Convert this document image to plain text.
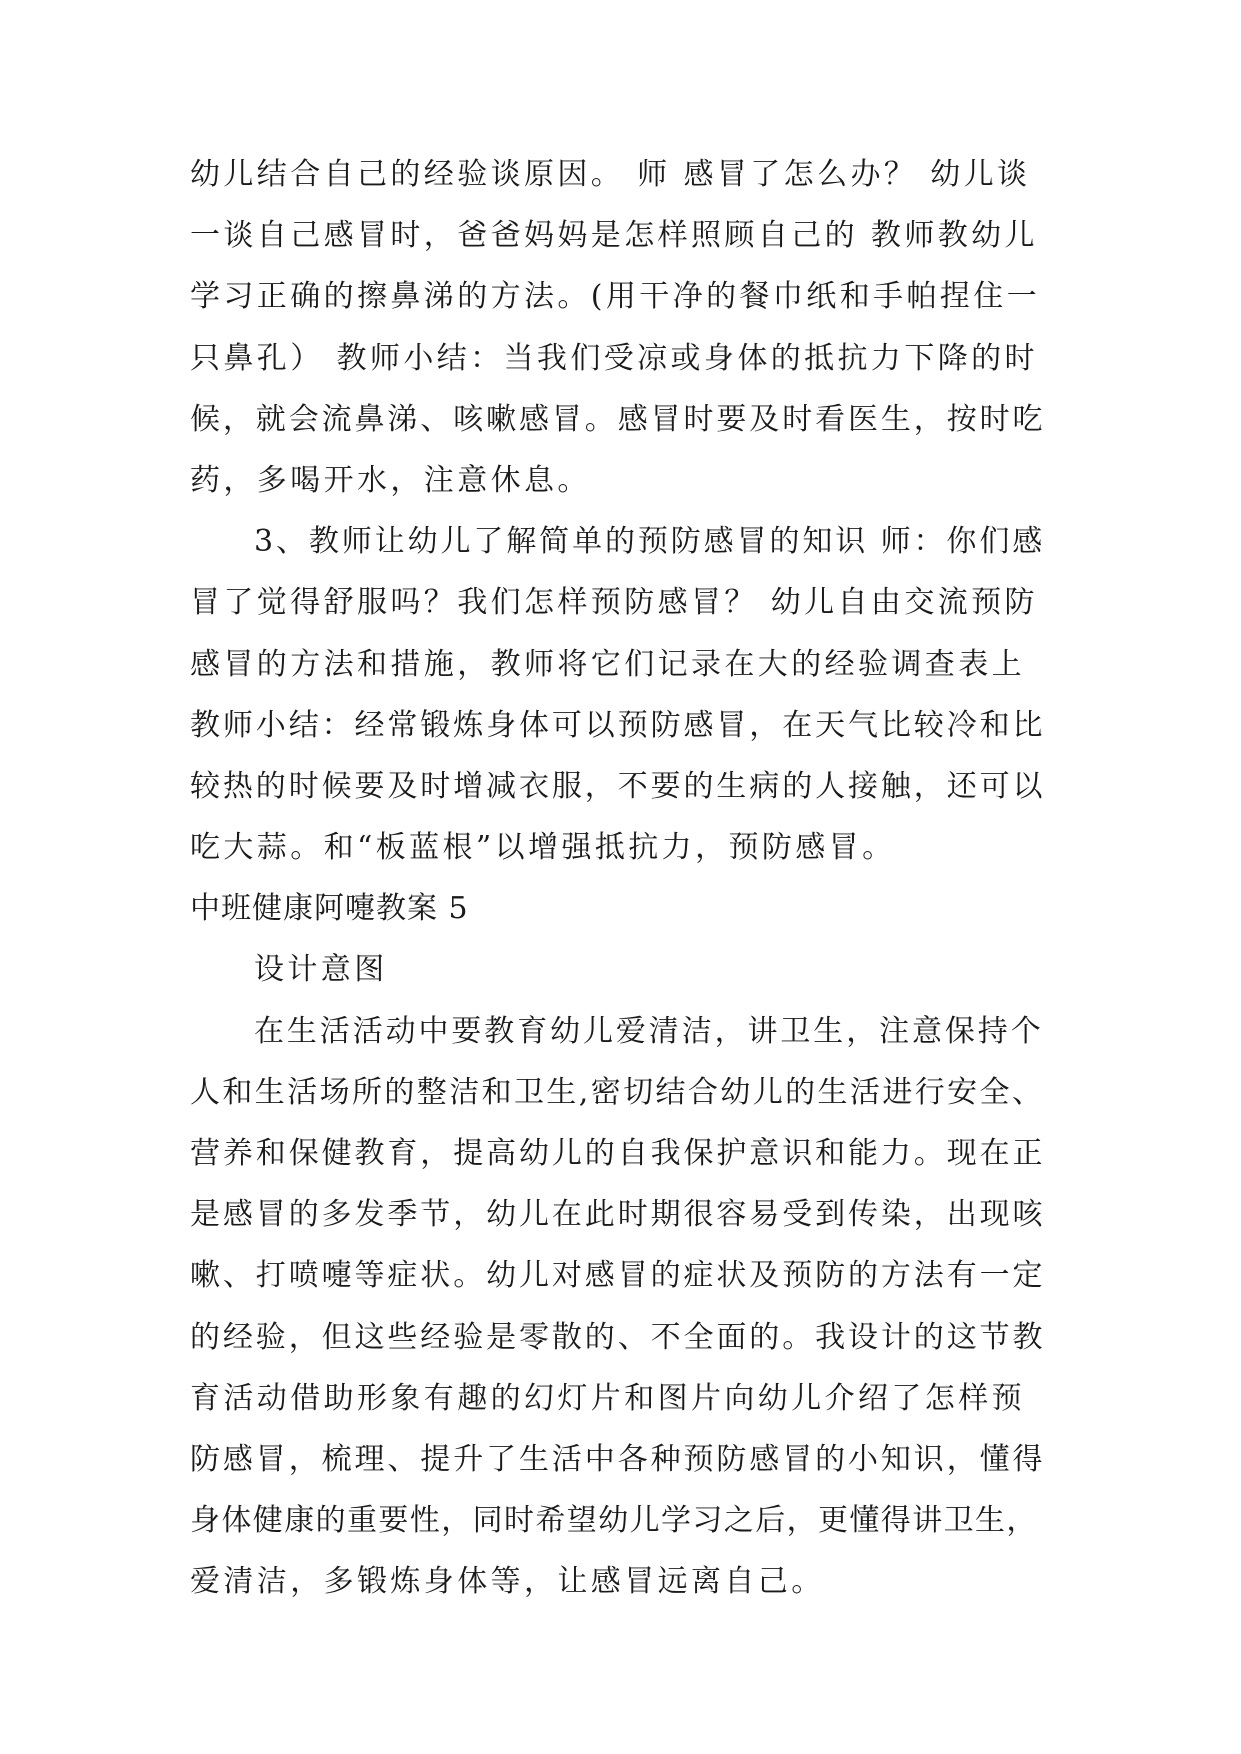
幼儿结合自己的经验谈原因。 师 感冒了怎么办？ 幼儿谈
一谈自己感冒时，爸爸妈妈是怎样照顾自己的 教师教幼儿
学习正确的擦鼻涕的方法。(用干净的餐巾纸和手帕捏住一
只鼻孔） 教师小结：当我们受凉或身体的抵抗力下降的时
候，就会流鼻涕、咳嗽感冒。感冒时要及时看医生，按时吃
药，多喝开水，注意休息。
3、教师让幼儿了解简单的预防感冒的知识 师：你们感
冒了觉得舒服吗？我们怎样预防感冒？ 幼儿自由交流预防
感冒的方法和措施，教师将它们记录在大的经验调查表上
教师小结：经常锻炼身体可以预防感冒，在天气比较冷和比
较热的时候要及时增减衣服，不要的生病的人接触，还可以
吃大蒜。和“板蓝根”以增强抵抗力，预防感冒。
中班健康阿嚏教案 5
设计意图
在生活活动中要教育幼儿爱清洁，讲卫生，注意保持个
人和生活场所的整洁和卫生,密切结合幼儿的生活进行安全、
营养和保健教育，提高幼儿的自我保护意识和能力。现在正
是感冒的多发季节，幼儿在此时期很容易受到传染，出现咳
嗽、打喷嚏等症状。幼儿对感冒的症状及预防的方法有一定
的经验，但这些经验是零散的、不全面的。我设计的这节教
育活动借助形象有趣的幻灯片和图片向幼儿介绍了怎样预
防感冒，梳理、提升了生活中各种预防感冒的小知识，懂得
身体健康的重要性，同时希望幼儿学习之后，更懂得讲卫生，
爱清洁，多锻炼身体等，让感冒远离自己。
